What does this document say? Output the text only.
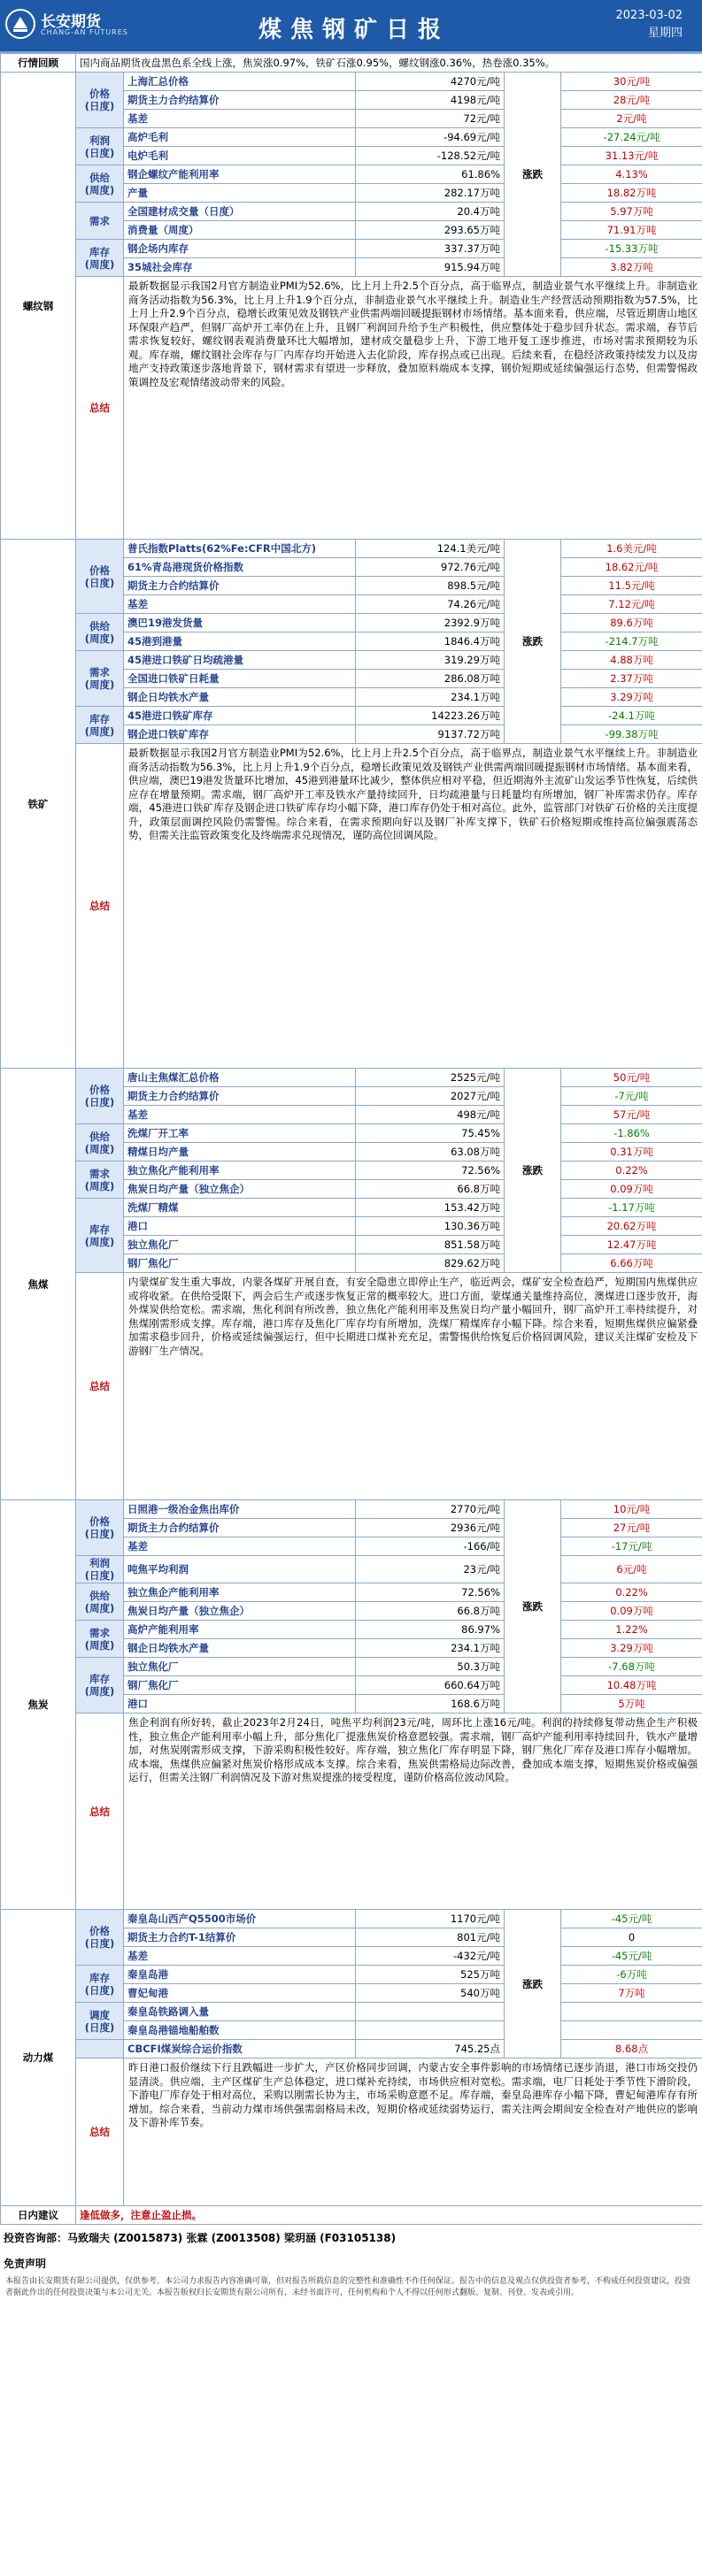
长安期货
CHANG-AN FUTURES	煤焦钢矿日报
2023-03-02
星期四
行情回顾	国内商品期货夜盘黑色系全线上涨，焦炭涨0.97%，铁矿石涨0.95%，螺纹钢涨0.36%，热卷涨0.35%。				
螺纹钢	价格
(日度)	上海汇总价格	4270元/吨	涨跌	30元/吨
		期货主力合约结算价	4198元/吨		28元/吨
		基差	72元/吨		2元/吨
	利润
(日度)	高炉毛利	-94.69元/吨		-27.24元/吨
		电炉毛利	-128.52元/吨		31.13元/吨
	供给
(周度)	钢企螺纹产能利用率	61.86%		4.13%
		产量	282.17万吨		18.82万吨
	需求	全国建材成交量（日度）	20.4万吨		5.97万吨
		消费量（周度）	293.65万吨		71.91万吨
	库存
(周度)	钢企场内库存	337.37万吨		-15.33万吨
		35城社会库存	915.94万吨		3.82万吨
	总结	最新数据显示我国2月官方制造业PMI为52.6%，比上月上升2.5个百分点，高于临界点，制造业景气水平继续上升。非制造业商务活动指数为56.3%，比上月上升1.9个百分点，非制造业景气水平继续上升。制造业生产经营活动预期指数为57.5%，比上月上升2.9个百分点，稳增长政策见效及钢铁产业供需两端回暖提振钢材市场情绪。基本面来看，供应端，尽管近期唐山地区环保限产趋严，但钢厂高炉开工率仍在上升，且钢厂利润回升给予生产积极性，供应整体处于稳步回升状态。需求端，春节后需求恢复较好，螺纹钢表观消费量环比大幅增加，建材成交量稳步上升，下游工地开复工逐步推进，市场对需求预期较为乐观。库存端，螺纹钢社会库存与厂内库存均开始进入去化阶段，库存拐点或已出现。后续来看，在稳经济政策持续发力以及房地产支持政策逐步落地背景下，钢材需求有望进一步释放，叠加原料端成本支撑，钢价短期或延续偏强运行态势，但需警惕政策调控及宏观情绪波动带来的风险。			
铁矿	价格
(日度)	普氏指数Platts(62%Fe:CFR中国北方)	124.1美元/吨	涨跌	1.6美元/吨
		61%青岛港现货价格指数	972.76元/吨		18.62元/吨
		期货主力合约结算价	898.5元/吨		11.5元/吨
		基差	74.26元/吨		7.12元/吨
	供给
(周度)	澳巴19港发货量	2392.9万吨		89.6万吨
		45港到港量	1846.4万吨		-214.7万吨
	需求
(周度)	45港进口铁矿日均疏港量	319.29万吨		4.88万吨
		全国进口铁矿日耗量	286.08万吨		2.37万吨
		钢企日均铁水产量	234.1万吨		3.29万吨
	库存
(周度)	45港进口铁矿库存	14223.26万吨		-24.1万吨
		钢企进口铁矿库存	9137.72万吨		-99.38万吨
	总结	最新数据显示我国2月官方制造业PMI为52.6%，比上月上升2.5个百分点，高于临界点，制造业景气水平继续上升。非制造业商务活动指数为56.3%，比上月上升1.9个百分点，稳增长政策见效及钢铁产业供需两端回暖提振钢材市场情绪。基本面来看，供应端，澳巴19港发货量环比增加，45港到港量环比减少，整体供应相对平稳，但近期海外主流矿山发运季节性恢复，后续供应存在增量预期。需求端，钢厂高炉开工率及铁水产量持续回升，日均疏港量与日耗量均有所增加，钢厂补库需求仍存。库存端，45港进口铁矿库存及钢企进口铁矿库存均小幅下降，港口库存仍处于相对高位。此外，监管部门对铁矿石价格的关注度提升，政策层面调控风险仍需警惕。综合来看，在需求预期向好以及钢厂补库支撑下，铁矿石价格短期或维持高位偏强震荡态势，但需关注监管政策变化及终端需求兑现情况，谨防高位回调风险。			
焦煤	价格
(日度)	唐山主焦煤汇总价格	2525元/吨	涨跌	50元/吨
		期货主力合约结算价	2027元/吨		-7元/吨
		基差	498元/吨		57元/吨
	供给
(周度)	洗煤厂开工率	75.45%		-1.86%
		精煤日均产量	63.08万吨		0.31万吨
	需求
(周度)	独立焦化产能利用率	72.56%		0.22%
		焦炭日均产量（独立焦企）	66.8万吨		0.09万吨
	库存
(周度)	洗煤厂精煤	153.42万吨		-1.17万吨
		港口	130.36万吨		20.62万吨
		独立焦化厂	851.58万吨		12.47万吨
		钢厂焦化厂	829.62万吨		6.66万吨
	总结	内蒙煤矿发生重大事故，内蒙各煤矿开展自查，有安全隐患立即停止生产，临近两会，煤矿安全检查趋严，短期国内焦煤供应或将收紧。在供给受限下，两会后生产或逐步恢复正常的概率较大。进口方面，蒙煤通关量维持高位，澳煤进口逐步放开，海外煤炭供给宽松。需求端，焦化利润有所改善，独立焦化产能利用率及焦炭日均产量小幅回升，钢厂高炉开工率持续提升，对焦煤刚需形成支撑。库存端，港口库存及焦化厂库存均有所增加，洗煤厂精煤库存小幅下降。综合来看，短期焦煤供应偏紧叠加需求稳步回升，价格或延续偏强运行，但中长期进口煤补充充足，需警惕供给恢复后价格回调风险，建议关注煤矿安检及下游钢厂生产情况。			
焦炭	价格
(日度)	日照港一级冶金焦出库价	2770元/吨	涨跌	10元/吨
		期货主力合约结算价	2936元/吨		27元/吨
		基差	-166/吨		-17元/吨
	利润
(日度)	吨焦平均利润	23元/吨		6元/吨
	供给
(周度)	独立焦企产能利用率	72.56%		0.22%
		焦炭日均产量（独立焦企）	66.8万吨		0.09万吨
	需求
(周度)	高炉产能利用率	86.97%		1.22%
		钢企日均铁水产量	234.1万吨		3.29万吨
	库存
(周度)	独立焦化厂	50.3万吨		-7.68万吨
		钢厂焦化厂	660.64万吨		10.48万吨
		港口	168.6万吨		5万吨
	总结	焦企利润有所好转，截止2023年2月24日，吨焦平均利润23元/吨，周环比上涨16元/吨。利润的持续修复带动焦企生产积极性，独立焦企产能利用率小幅上升，部分焦化厂提涨焦炭价格意愿较强。需求端，钢厂高炉产能利用率持续回升，铁水产量增加，对焦炭刚需形成支撑，下游采购积极性较好。库存端，独立焦化厂库存明显下降，钢厂焦化厂库存及港口库存小幅增加。成本端，焦煤供应偏紧对焦炭价格形成成本支撑。综合来看，焦炭供需格局边际改善，叠加成本端支撑，短期焦炭价格或偏强运行，但需关注钢厂利润情况及下游对焦炭提涨的接受程度，谨防价格高位波动风险。			
动力煤	价格
(日度)	秦皇岛山西产Q5500市场价	1170元/吨	涨跌	-45元/吨
		期货主力合约T-1结算价	801元/吨		0
		基差	-432元/吨		-45元/吨
	库存
(日度)	秦皇岛港	525万吨		-6万吨
		曹妃甸港	540万吨		7万吨
	调度
(日度)	秦皇岛铁路调入量			
		秦皇岛港锚地船舶数			
		CBCFI煤炭综合运价指数	745.25点		8.68点
	总结	昨日港口报价继续下行且跌幅进一步扩大，产区价格同步回调，内蒙古安全事件影响的市场情绪已逐步消退，港口市场交投仍显清淡。供应端，主产区煤矿生产总体稳定，进口煤补充持续，市场供应相对宽松。需求端，电厂日耗处于季节性下滑阶段，下游电厂库存处于相对高位，采购以刚需长协为主，市场采购意愿不足。库存端，秦皇岛港库存小幅下降，曹妃甸港库存有所增加。综合来看，当前动力煤市场供强需弱格局未改，短期价格或延续弱势运行，需关注两会期间安全检查对产地供应的影响及下游补库节奏。			
日内建议	逢低做多，注意止盈止损。				
投资咨询部：马致瑞夫 (Z0015873) 张霖 (Z0013508) 梁玥涵 (F03105138)
免责声明
本报告由长安期货有限公司提供，仅供参考。本公司力求报告内容准确可靠，但对报告所载信息的完整性和准确性不作任何保证。报告中的信息及观点仅供投资者参考，不构成任何投资建议，投资者据此作出的任何投资决策与本公司无关。本报告版权归长安期货有限公司所有，未经书面许可，任何机构和个人不得以任何形式翻版、复制、刊登、发表或引用。
